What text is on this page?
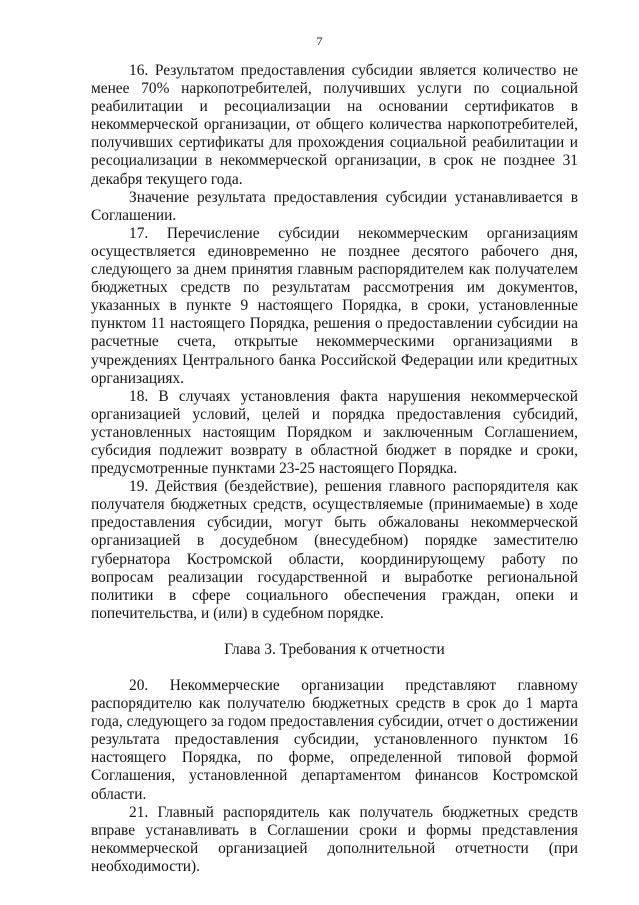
7

16. Результатом предоставления субсидии является количество не менее 70% наркопотребителей, получивших услуги по социальной реабилитации и ресоциализации на основании сертификатов в некоммерческой организации, от общего количества наркопотребителей, получивших сертификаты для прохождения социальной реабилитации и ресоциализации в некоммерческой организации, в срок не позднее 31 декабря текущего года.

Значение результата предоставления субсидии устанавливается в Соглашении.

17. Перечисление субсидии некоммерческим организациям осуществляется единовременно не позднее десятого рабочего дня, следующего за днем принятия главным распорядителем как получателем бюджетных средств по результатам рассмотрения им документов, указанных в пункте 9 настоящего Порядка, в сроки, установленные пунктом 11 настоящего Порядка, решения о предоставлении субсидии на расчетные счета, открытые некоммерческими организациями в учреждениях Центрального банка Российской Федерации или кредитных организациях.

18. В случаях установления факта нарушения некоммерческой организацией условий, целей и порядка предоставления субсидий, установленных настоящим Порядком и заключенным Соглашением, субсидия подлежит возврату в областной бюджет в порядке и сроки, предусмотренные пунктами 23-25 настоящего Порядка.

19. Действия (бездействие), решения главного распорядителя как получателя бюджетных средств, осуществляемые (принимаемые) в ходе предоставления субсидии, могут быть обжалованы некоммерческой организацией в досудебном (внесудебном) порядке заместителю губернатора Костромской области, координирующему работу по вопросам реализации государственной и выработке региональной политики в сфере социального обеспечения граждан, опеки и попечительства, и (или) в судебном порядке.

Глава 3. Требования к отчетности

20. Некоммерческие организации представляют главному распорядителю как получателю бюджетных средств в срок до 1 марта года, следующего за годом предоставления субсидии, отчет о достижении результата предоставления субсидии, установленного пунктом 16 настоящего Порядка, по форме, определенной типовой формой Соглашения, установленной департаментом финансов Костромской области.

21. Главный распорядитель как получатель бюджетных средств вправе устанавливать в Соглашении сроки и формы представления некоммерческой организацией дополнительной отчетности (при необходимости).
